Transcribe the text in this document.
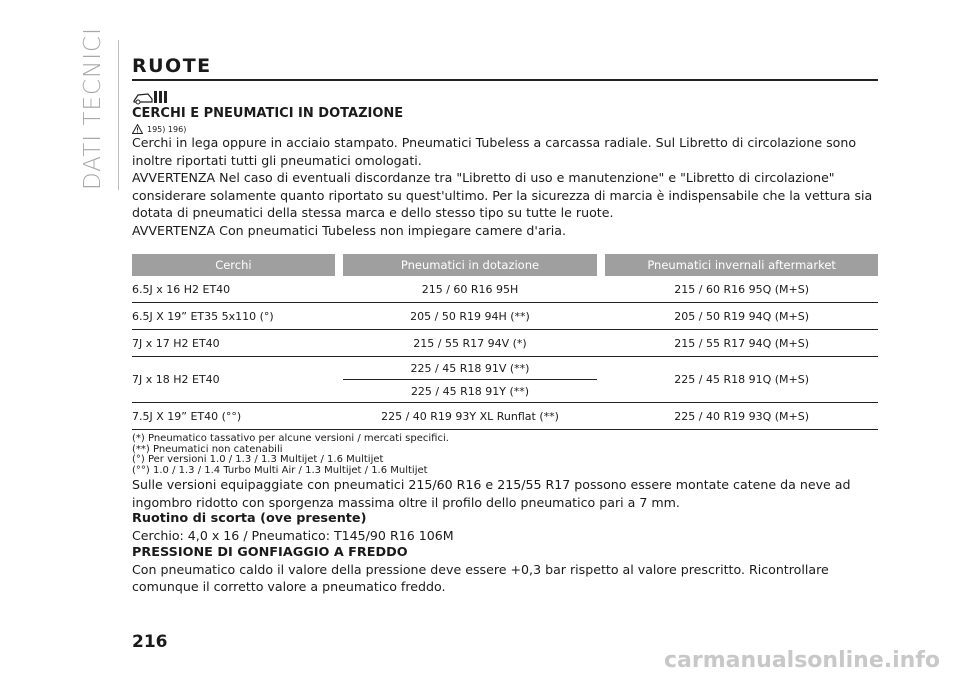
DATI TECNICI RUOTE
CERCHI E PNEUMATICI IN DOTAZIONE
195) 196)

Cerchi in lega oppure in acciaio stampato. Pneumatici Tubeless a carcassa radiale. Sul Libretto di circolazione sono inoltre riportati tutti gli pneumatici omologati.

AVVERTENZA Nel caso di eventuali discordanze tra "Libretto di uso e manutenzione" e "Libretto di circolazione" considerare solamente quanto riportato su quest'ultimo. Per la sicurezza di marcia è indispensabile che la vettura sia dotata di pneumatici della stessa marca e dello stesso tipo su tutte le ruote.

AVVERTENZA Con pneumatici Tubeless non impiegare camere d'aria.

Cerchi		Pneumatici in dotazione		Pneumatici invernali aftermarket
6.5J x 16 H2 ET40		215 / 60 R16 95H		215 / 60 R16 95Q (M+S)
6.5J X 19” ET35 5x110 (°)		205 / 50 R19 94H (**)		205 / 50 R19 94Q (M+S)
7J x 17 H2 ET40		215 / 55 R17 94V (*)		215 / 55 R17 94Q (M+S)
7J x 18 H2 ET40		225 / 45 R18 91V (**)		225 / 45 R18 91Q (M+S)
		225 / 45 R18 91Y (**)		
7.5J X 19” ET40 (°°)		225 / 40 R19 93Y XL Runflat (**)		225 / 40 R19 93Q (M+S)
(*) Pneumatico tassativo per alcune versioni / mercati specifici.
(**) Pneumatici non catenabili
(°) Per versioni 1.0 / 1.3 / 1.3 Multijet / 1.6 Multijet
(°°) 1.0 / 1.3 / 1.4 Turbo Multi Air / 1.3 Multijet / 1.6 Multijet

Sulle versioni equipaggiate con pneumatici 215/60 R16 e 215/55 R17 possono essere montate catene da neve ad ingombro ridotto con sporgenza massima oltre il profilo dello pneumatico pari a 7 mm.

Ruotino di scorta (ove presente)

Cerchio: 4,0 x 16 / Pneumatico: T145/90 R16 106M

PRESSIONE DI GONFIAGGIO A FREDDO

Con pneumatico caldo il valore della pressione deve essere +0,3 bar rispetto al valore prescritto. Ricontrollare comunque il corretto valore a pneumatico freddo.

216
carmanualsonline.info
